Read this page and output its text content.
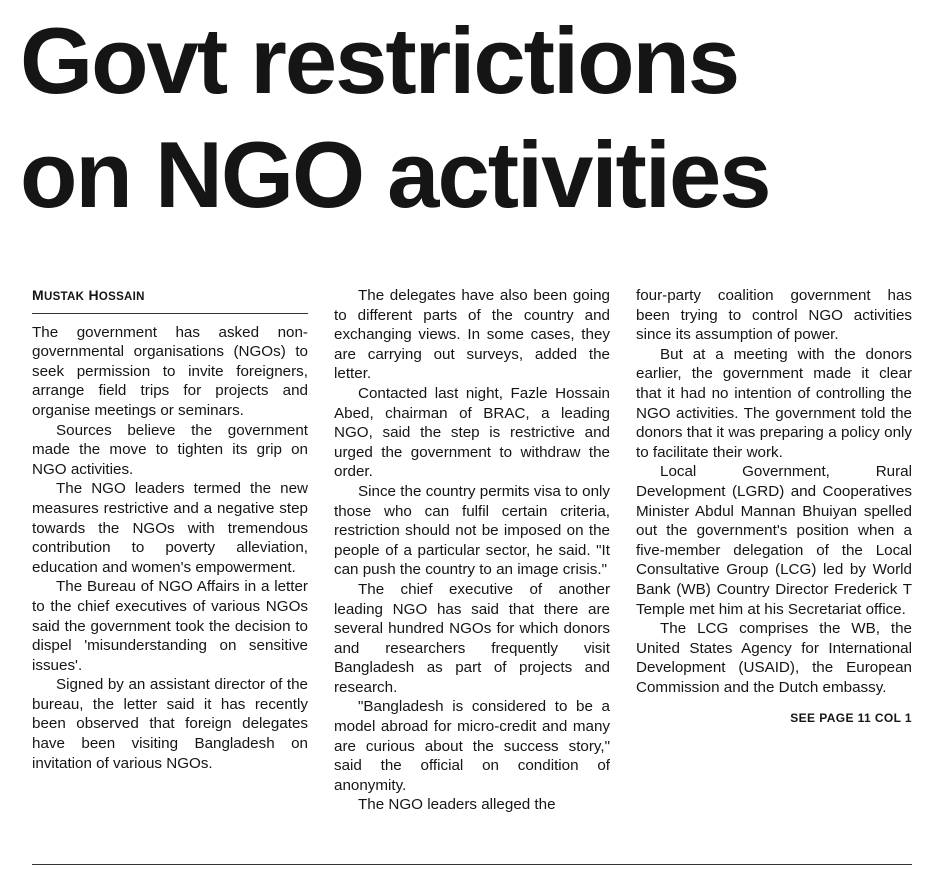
Govt restrictions
on NGO activities
MUSTAK HOSSAIN

The government has asked non-governmental organisations (NGOs) to seek permission to invite foreigners, arrange field trips for projects and organise meetings or seminars.

Sources believe the government made the move to tighten its grip on NGO activities.

The NGO leaders termed the new measures restrictive and a negative step towards the NGOs with tremendous contribution to poverty alleviation, education and women's empowerment.

The Bureau of NGO Affairs in a letter to the chief executives of various NGOs said the government took the decision to dispel 'misunderstanding on sensitive issues'.

Signed by an assistant director of the bureau, the letter said it has recently been observed that foreign delegates have been visiting Bangladesh on invitation of various NGOs.

The delegates have also been going to different parts of the country and exchanging views. In some cases, they are carrying out surveys, added the letter.

Contacted last night, Fazle Hossain Abed, chairman of BRAC, a leading NGO, said the step is restrictive and urged the government to withdraw the order.

Since the country permits visa to only those who can fulfil certain criteria, restriction should not be imposed on the people of a particular sector, he said. "It can push the country to an image crisis."

The chief executive of another leading NGO has said that there are several hundred NGOs for which donors and researchers frequently visit Bangladesh as part of projects and research.

"Bangladesh is considered to be a model abroad for micro-credit and many are curious about the success story," said the official on condition of anonymity.

The NGO leaders alleged the

four-party coalition government has been trying to control NGO activities since its assumption of power.

But at a meeting with the donors earlier, the government made it clear that it had no intention of controlling the NGO activities. The government told the donors that it was preparing a policy only to facilitate their work.

Local Government, Rural Development (LGRD) and Cooperatives Minister Abdul Mannan Bhuiyan spelled out the government's position when a five-member delegation of the Local Consultative Group (LCG) led by World Bank (WB) Country Director Frederick T Temple met him at his Secretariat office.

The LCG comprises the WB, the United States Agency for International Development (USAID), the European Commission and the Dutch embassy.

SEE PAGE 11 COL 1
